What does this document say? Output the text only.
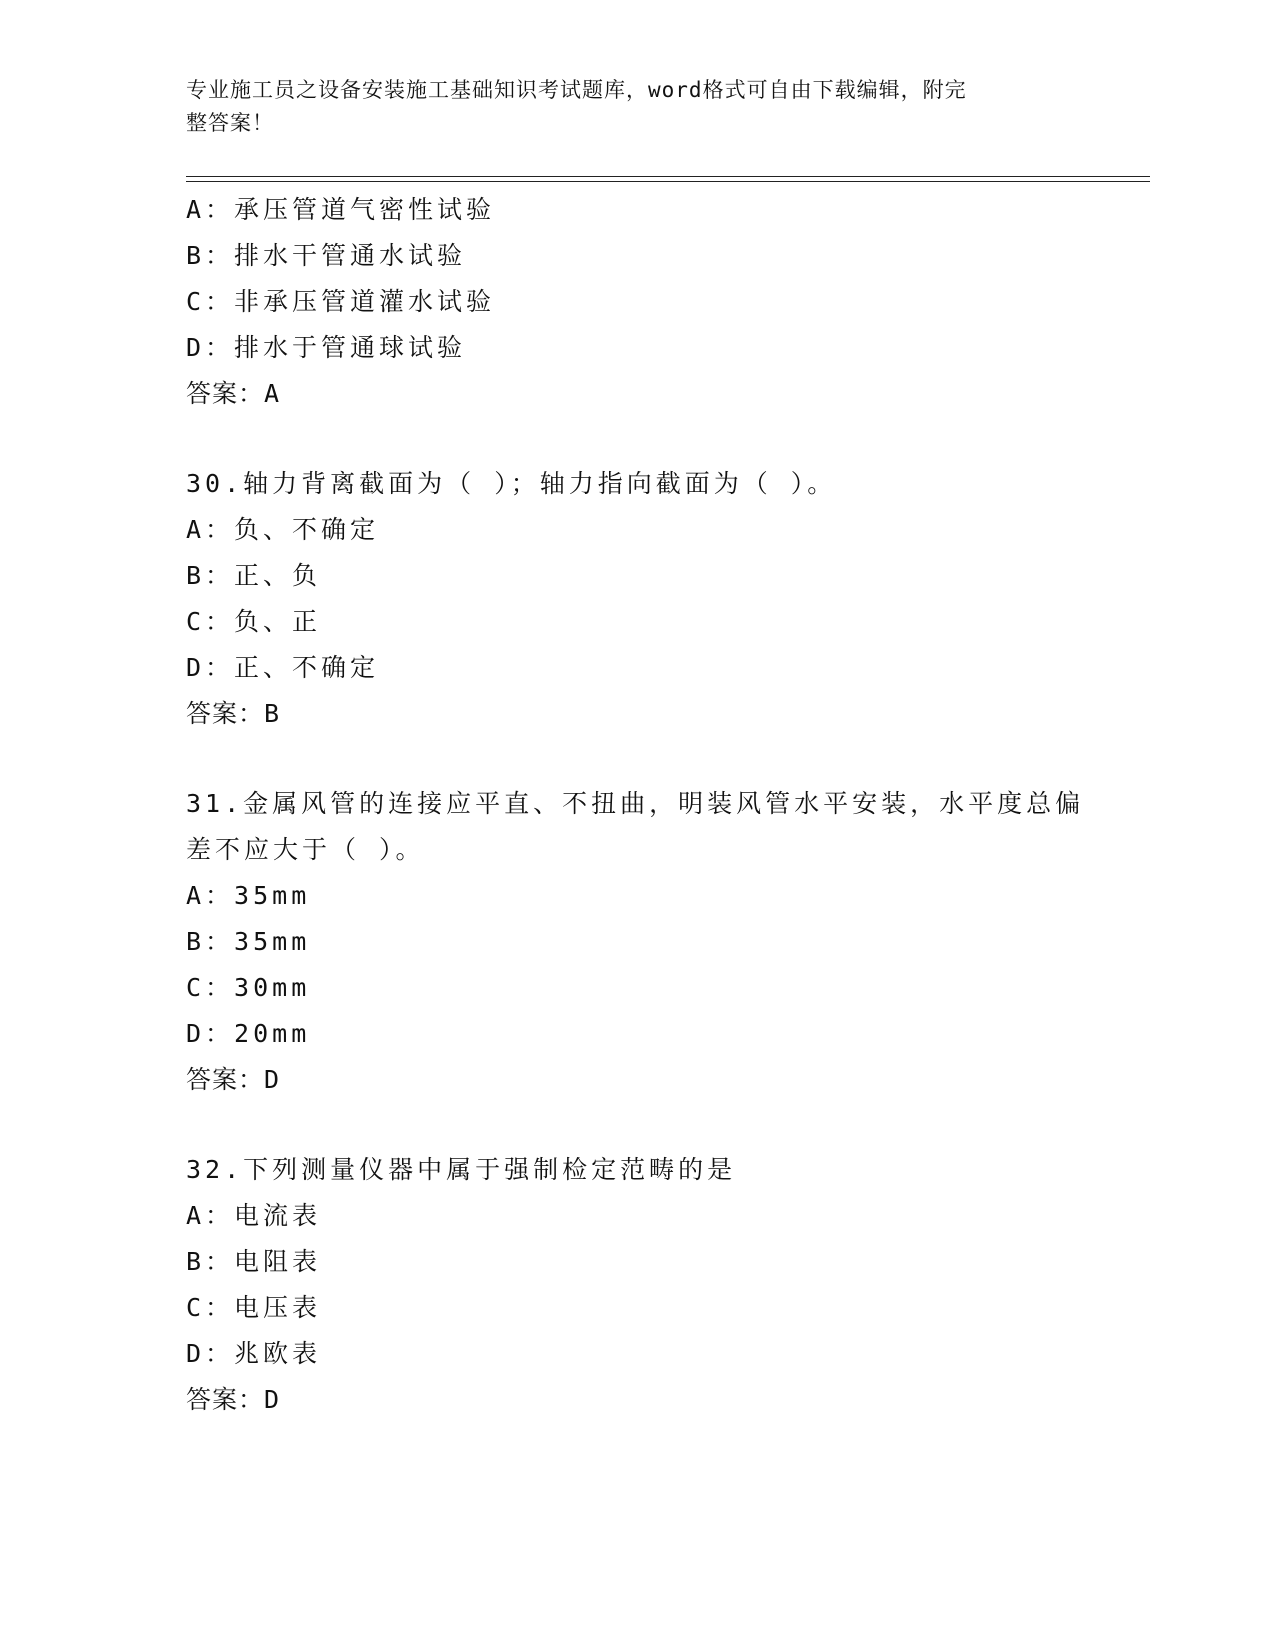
专业施工员之设备安装施工基础知识考试题库，word格式可自由下载编辑，附完
整答案！
A：承压管道气密性试验
B：排水干管通水试验
C：非承压管道灌水试验
D：排水于管通球试验
答案：A
30.轴力背离截面为（ ）；轴力指向截面为（ ）。
A：负、不确定
B：正、负
C：负、正
D：正、不确定
答案：B
31.金属风管的连接应平直、不扭曲，明装风管水平安装，水平度总偏
差不应大于（ ）。
A：35mm
B：35mm
C：30mm
D：20mm
答案：D
32.下列测量仪器中属于强制检定范畴的是
A：电流表
B：电阻表
C：电压表
D：兆欧表
答案：D
